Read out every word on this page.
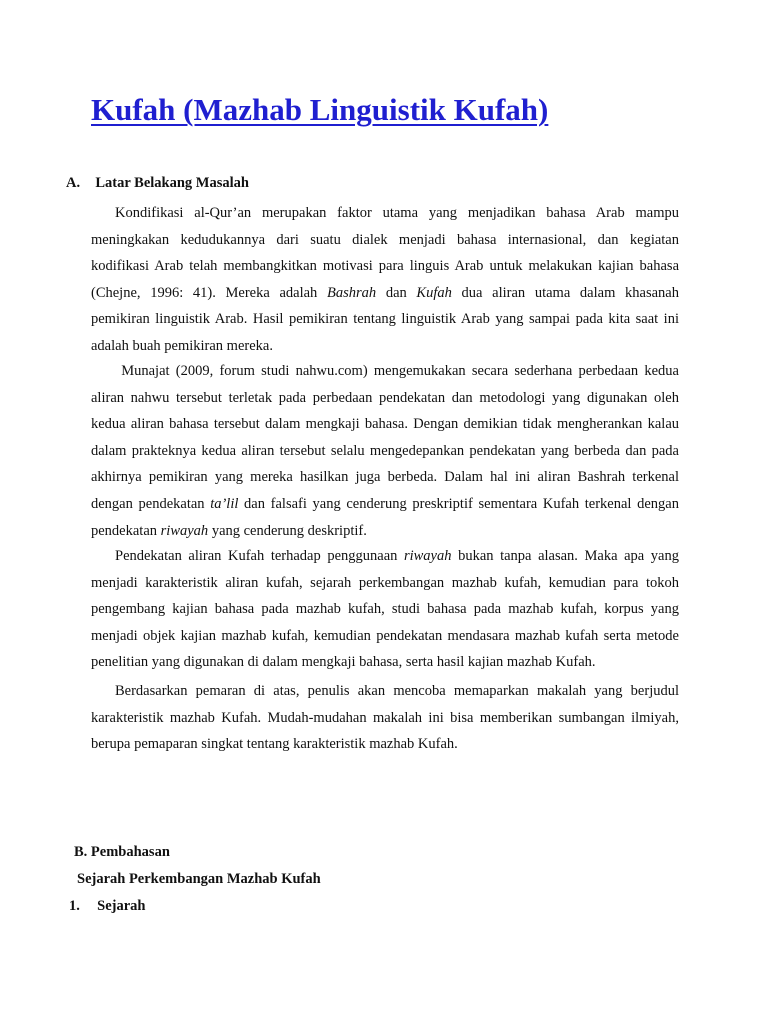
Kufah (Mazhab Linguistik Kufah)
A. Latar Belakang Masalah
Kondifikasi al-Qur’an merupakan faktor utama yang menjadikan bahasa Arab mampu
meningkakan kedudukannya dari suatu dialek menjadi bahasa internasional, dan kegiatan
kodifikasi Arab telah membangkitkan motivasi para linguis Arab untuk melakukan kajian bahasa
(Chejne, 1996: 41). Mereka adalah Bashrah dan Kufah dua aliran utama dalam khasanah
pemikiran linguistik Arab. Hasil pemikiran tentang linguistik Arab yang sampai pada kita saat ini
adalah buah pemikiran mereka.
Munajat (2009, forum studi nahwu.com) mengemukakan secara sederhana perbedaan kedua
aliran nahwu tersebut terletak pada perbedaan pendekatan dan metodologi yang digunakan oleh
kedua aliran bahasa tersebut dalam mengkaji bahasa. Dengan demikian tidak mengherankan kalau
dalam prakteknya kedua aliran tersebut selalu mengedepankan pendekatan yang berbeda dan pada
akhirnya pemikiran yang mereka hasilkan juga berbeda. Dalam hal ini aliran Bashrah terkenal
dengan pendekatan ta’lil dan falsafi yang cenderung preskriptif sementara Kufah terkenal dengan
pendekatan riwayah yang cenderung deskriptif.
Pendekatan aliran Kufah terhadap penggunaan riwayah bukan tanpa alasan. Maka apa yang
menjadi karakteristik aliran kufah, sejarah perkembangan mazhab kufah, kemudian para tokoh
pengembang kajian bahasa pada mazhab kufah, studi bahasa pada mazhab kufah, korpus yang
menjadi objek kajian mazhab kufah, kemudian pendekatan mendasara mazhab kufah serta metode
penelitian yang digunakan di dalam mengkaji bahasa, serta hasil kajian mazhab Kufah.
Berdasarkan pemaran di atas, penulis akan mencoba memaparkan makalah yang berjudul
karakteristik mazhab Kufah. Mudah-mudahan makalah ini bisa memberikan sumbangan ilmiyah,
berupa pemaparan singkat tentang karakteristik mazhab Kufah.
B. Pembahasan
Sejarah Perkembangan Mazhab Kufah
1. Sejarah
